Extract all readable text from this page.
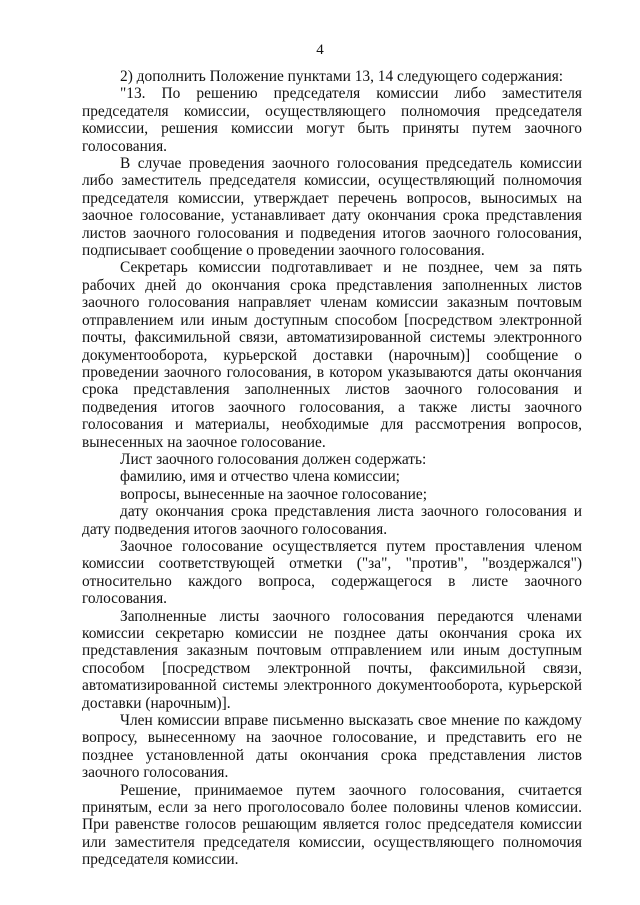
4

2) дополнить Положение пунктами 13, 14 следующего содержания:

"13. По решению председателя комиссии либо заместителя председателя комиссии, осуществляющего полномочия председателя комиссии, решения комиссии могут быть приняты путем заочного голосования.

В случае проведения заочного голосования председатель комиссии либо заместитель председателя комиссии, осуществляющий полномочия председателя комиссии, утверждает перечень вопросов, выносимых на заочное голосование, устанавливает дату окончания срока представления листов заочного голосования и подведения итогов заочного голосования, подписывает сообщение о проведении заочного голосования.

Секретарь комиссии подготавливает и не позднее, чем за пять рабочих дней до окончания срока представления заполненных листов заочного голосования направляет членам комиссии заказным почтовым отправлением или иным доступным способом [посредством электронной почты, факсимильной связи, автоматизированной системы электронного документооборота, курьерской доставки (нарочным)] сообщение о проведении заочного голосования, в котором указываются даты окончания срока представления заполненных листов заочного голосования и подведения итогов заочного голосования, а также листы заочного голосования и материалы, необходимые для рассмотрения вопросов, вынесенных на заочное голосование.

Лист заочного голосования должен содержать:

фамилию, имя и отчество члена комиссии;

вопросы, вынесенные на заочное голосование;

дату окончания срока представления листа заочного голосования и дату подведения итогов заочного голосования.

Заочное голосование осуществляется путем проставления членом комиссии соответствующей отметки ("за", "против", "воздержался") относительно каждого вопроса, содержащегося в листе заочного голосования.

Заполненные листы заочного голосования передаются членами комиссии секретарю комиссии не позднее даты окончания срока их представления заказным почтовым отправлением или иным доступным способом [посредством электронной почты, факсимильной связи, автоматизированной системы электронного документооборота, курьерской доставки (нарочным)].

Член комиссии вправе письменно высказать свое мнение по каждому вопросу, вынесенному на заочное голосование, и представить его не позднее установленной даты окончания срока представления листов заочного голосования.

Решение, принимаемое путем заочного голосования, считается принятым, если за него проголосовало более половины членов комиссии. При равенстве голосов решающим является голос председателя комиссии или заместителя председателя комиссии, осуществляющего полномочия председателя комиссии.
